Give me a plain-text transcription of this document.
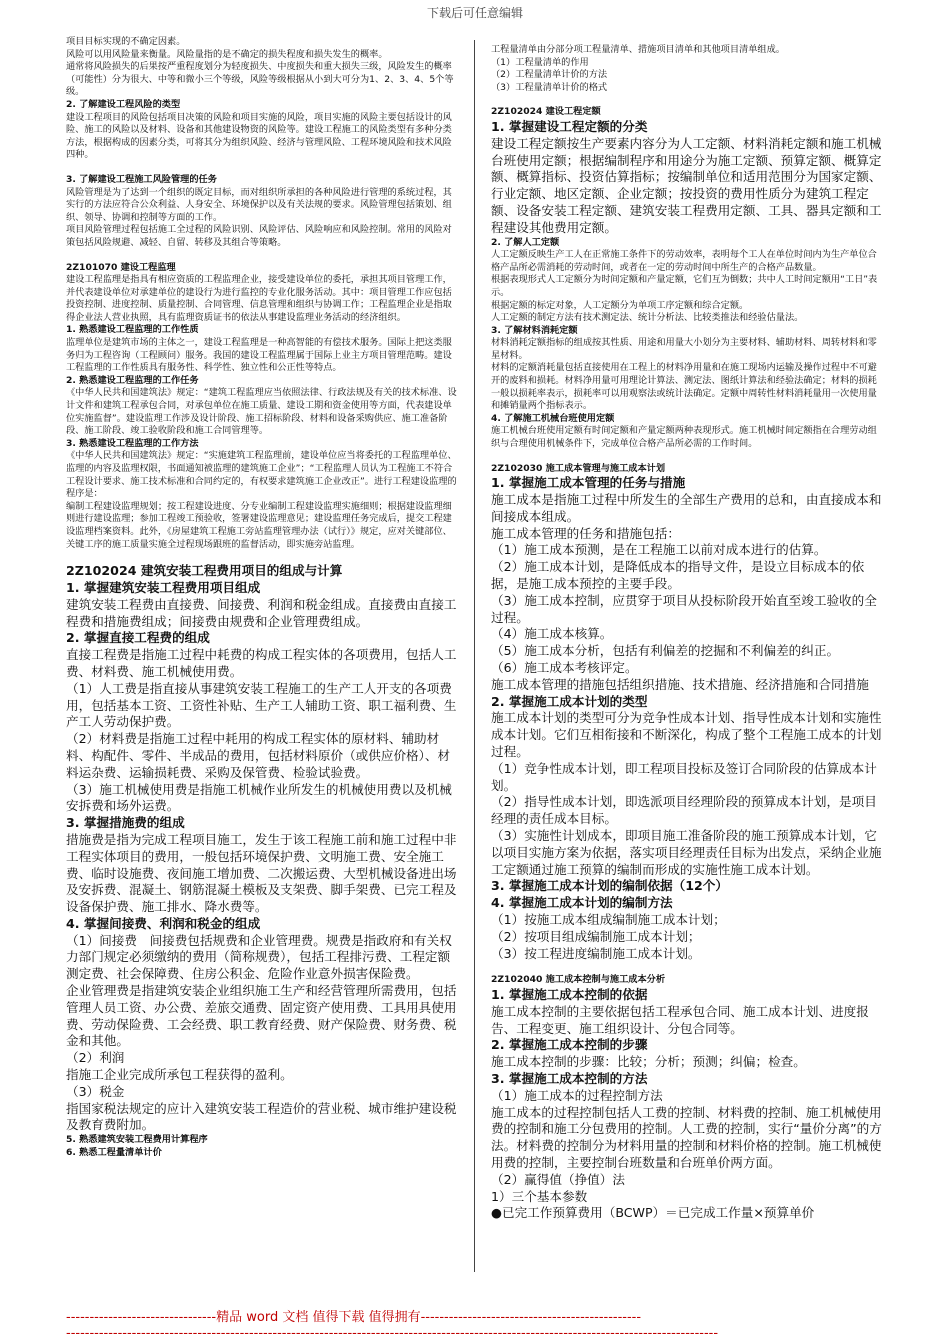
下载后可任意编辑

项目目标实现的不确定因素。

风险可以用风险量来衡量。风险量指的是不确定的损失程度和损失发生的概率。

通常将风险损失的后果按严重程度划分为轻度损失、中度损失和重大损失三级，风险发生的概率（可能性）分为很大、中等和微小三个等级，风险等级根据从小到大可分为1、2、3、4、5个等级。

2. 了解建设工程风险的类型

建设工程项目的风险包括项目决策的风险和项目实施的风险，项目实施的风险主要包括设计的风险、施工的风险以及材料、设备和其他建设物资的风险等。建设工程施工的风险类型有多种分类方法，根据构成的因素分类，可将其分为组织风险、经济与管理风险、工程环境风险和技术风险四种。

3. 了解建设工程施工风险管理的任务

风险管理是为了达到一个组织的既定目标，而对组织所承担的各种风险进行管理的系统过程，其实行的方法应符合公众利益、人身安全、环境保护以及有关法规的要求。风险管理包括策划、组织、领导、协调和控制等方面的工作。

项目风险管理过程包括施工全过程的风险识别、风险评估、风险响应和风险控制。常用的风险对策包括风险规避、减轻、自留、转移及其组合等策略。

2Z101070 建设工程监理

建设工程监理是指具有相应资质的工程监理企业，接受建设单位的委托，承担其项目管理工作，并代表建设单位对承建单位的建设行为进行监控的专业化服务活动。其中：项目管理工作应包括投资控制、进度控制、质量控制、合同管理、信息管理和组织与协调工作；工程监理企业是指取得企业法人营业执照，具有监理资质证书的依法从事建设监理业务活动的经济组织。

1. 熟悉建设工程监理的工作性质

监理单位是建筑市场的主体之一，建设工程监理是一种高智能的有偿技术服务。国际上把这类服务归为工程咨询（工程顾问）服务。我国的建设工程监理属于国际上业主方项目管理范畴。建设工程监理的工作性质具有服务性、科学性、独立性和公正性等特点。

2. 熟悉建设工程监理的工作任务

《中华人民共和国建筑法》规定：“建筑工程监理应当依照法律、行政法规及有关的技术标准、设计文件和建筑工程承包合同，对承包单位在施工质量、建设工期和资金使用等方面，代表建设单位实施监督”。建设监理工作涉及设计阶段、施工招标阶段、材料和设备采购供应、施工准备阶段、施工阶段、竣工验收阶段和施工合同管理等。

3. 熟悉建设工程监理的工作方法

《中华人民共和国建筑法》规定：“实施建筑工程监理前，建设单位应当将委托的工程监理单位、监理的内容及监理权限，书面通知被监理的建筑施工企业”；“工程监理人员认为工程施工不符合工程设计要求、施工技术标准和合同约定的，有权要求建筑施工企业改正”。进行工程建设监理的程序是：

编制工程建设监理规划；按工程建设进度、分专业编制工程建设监理实施细则；根据建设监理细则进行建设监理；参加工程竣工预验收，签署建设监理意见；建设监理任务完成后，提交工程建设监理档案资料。此外，《房屋建筑工程施工旁站监理管理办法（试行）》规定，应对关键部位、关键工序的施工质量实施全过程现场跟班的监督活动，即实施旁站监理。

2Z102024 建筑安装工程费用项目的组成与计算

1. 掌握建筑安装工程费用项目组成

建筑安装工程费由直接费、间接费、利润和税金组成。直接费由直接工程费和措施费组成；间接费由规费和企业管理费组成。

2. 掌握直接工程费的组成

直接工程费是指施工过程中耗费的构成工程实体的各项费用，包括人工费、材料费、施工机械使用费。

（1）人工费是指直接从事建筑安装工程施工的生产工人开支的各项费用，包括基本工资、工资性补贴、生产工人辅助工资、职工福利费、生产工人劳动保护费。

（2）材料费是指施工过程中耗用的构成工程实体的原材料、辅助材料、构配件、零件、半成品的费用，包括材料原价（或供应价格）、材料运杂费、运输损耗费、采购及保管费、检验试验费。

（3）施工机械使用费是指施工机械作业所发生的机械使用费以及机械安拆费和场外运费。

3. 掌握措施费的组成

措施费是指为完成工程项目施工，发生于该工程施工前和施工过程中非工程实体项目的费用，一般包括环境保护费、文明施工费、安全施工费、临时设施费、夜间施工增加费、二次搬运费、大型机械设备进出场及安拆费、混凝土、钢筋混凝土模板及支架费、脚手架费、已完工程及设备保护费、施工排水、降水费等。

4. 掌握间接费、利润和税金的组成

（1）间接费　间接费包括规费和企业管理费。规费是指政府和有关权力部门规定必须缴纳的费用（简称规费），包括工程排污费、工程定额测定费、社会保障费、住房公积金、危险作业意外损害保险费。

企业管理费是指建筑安装企业组织施工生产和经营管理所需费用，包括管理人员工资、办公费、差旅交通费、固定资产使用费、工具用具使用费、劳动保险费、工会经费、职工教育经费、财产保险费、财务费、税金和其他。

（2）利润

指施工企业完成所承包工程获得的盈利。

（3）税金

指国家税法规定的应计入建筑安装工程造价的营业税、城市维护建设税及教育费附加。

5. 熟悉建筑安装工程费用计算程序

6. 熟悉工程量清单计价

工程量清单由分部分项工程量清单、措施项目清单和其他项目清单组成。

（1）工程量清单的作用

（2）工程量清单计价的方法

（3）工程量清单计价的格式

2Z102024 建设工程定额

1. 掌握建设工程定额的分类

建设工程定额按生产要素内容分为人工定额、材料消耗定额和施工机械台班使用定额；根据编制程序和用途分为施工定额、预算定额、概算定额、概算指标、投资估算指标；按编制单位和适用范围分为国家定额、行业定额、地区定额、企业定额；按投资的费用性质分为建筑工程定额、设备安装工程定额、建筑安装工程费用定额、工具、器具定额和工程建设其他费用定额。

2. 了解人工定额

人工定额反映生产工人在正常施工条件下的劳动效率，表明每个工人在单位时间内为生产单位合格产品所必需消耗的劳动时间，或者在一定的劳动时间中所生产的合格产品数量。

根据表现形式人工定额分为时间定额和产量定额，它们互为倒数；共中人工时间定额用“工日”表示。

根据定额的标定对象，人工定额分为单项工序定额和综合定额。

人工定额的制定方法有技术测定法、统计分析法、比较类推法和经验估量法。

3. 了解材料消耗定额

材料消耗定额指标的组成按其性质、用途和用量大小划分为主要材料、辅助材料、周转材料和零星材料。

材料的定额消耗量包括直接使用在工程上的材料净用量和在施工现场内运输及操作过程中不可避开的废料和损耗。材料净用量可用理论计算法、测定法、图纸计算法和经验法确定；材料的损耗一般以损耗率表示，损耗率可以用观察法或统计法确定。定额中周转性材料消耗量用一次使用量和摊销量两个指标表示。

4. 了解施工机械台班使用定额

施工机械台班使用定额有时间定额和产量定额两种表现形式。施工机械时间定额指在合理劳动组织与合理使用机械条件下，完成单位合格产品所必需的工作时间。

2Z102030 施工成本管理与施工成本计划

1. 掌握施工成本管理的任务与措施

施工成本是指施工过程中所发生的全部生产费用的总和，由直接成本和间接成本组成。

施工成本管理的任务和措施包括：

（1）施工成本预测，是在工程施工以前对成本进行的估算。

（2）施工成本计划，是降低成本的指导文件，是设立目标成本的依据，是施工成本预控的主要手段。

（3）施工成本控制，应贯穿于项目从投标阶段开始直至竣工验收的全过程。

（4）施工成本核算。

（5）施工成本分析，包括有利偏差的挖掘和不利偏差的纠正。

（6）施工成本考核评定。

施工成本管理的措施包括组织措施、技术措施、经济措施和合同措施

2. 掌握施工成本计划的类型

施工成本计划的类型可分为竞争性成本计划、指导性成本计划和实施性成本计划。它们互相衔接和不断深化，构成了整个工程施工成本的计划过程。

（1）竞争性成本计划，即工程项目投标及签订合同阶段的估算成本计划。

（2）指导性成本计划，即选派项目经理阶段的预算成本计划，是项目经理的责任成本目标。

（3）实施性计划成本，即项目施工准备阶段的施工预算成本计划，它以项目实施方案为依据，落实项目经理责任目标为出发点，采纳企业施工定额通过施工预算的编制而形成的实施性施工成本计划。

3. 掌握施工成本计划的编制依据（12个）

4. 掌握施工成本计划的编制方法

（1）按施工成本组成编制施工成本计划；

（2）按项目组成编制施工成本计划；

（3）按工程进度编制施工成本计划。

2Z102040 施工成本控制与施工成本分析

1. 掌握施工成本控制的依据

施工成本控制的主要依据包括工程承包合同、施工成本计划、进度报告、工程变更、施工组织设计、分包合同等。

2. 掌握施工成本控制的步骤

施工成本控制的步骤：比较；分析；预测；纠偏；检查。

3. 掌握施工成本控制的方法

（1）施工成本的过程控制方法

施工成本的过程控制包括人工费的控制、材料费的控制、施工机械使用费的控制和施工分包费用的控制。人工费的控制，实行“量价分离”的方法。材料费的控制分为材料用量的控制和材料价格的控制。施工机械使用费的控制，主要控制台班数量和台班单价两方面。

（2）赢得值（挣值）法

1）三个基本参数

●已完工作预算费用（BCWP）＝已完成工作量×预算单价

--------------------------------精品 word 文档 值得下载 值得拥有-----------------------------------------------
-------------------------------------------------------------------------------------------------------------------------------------------
